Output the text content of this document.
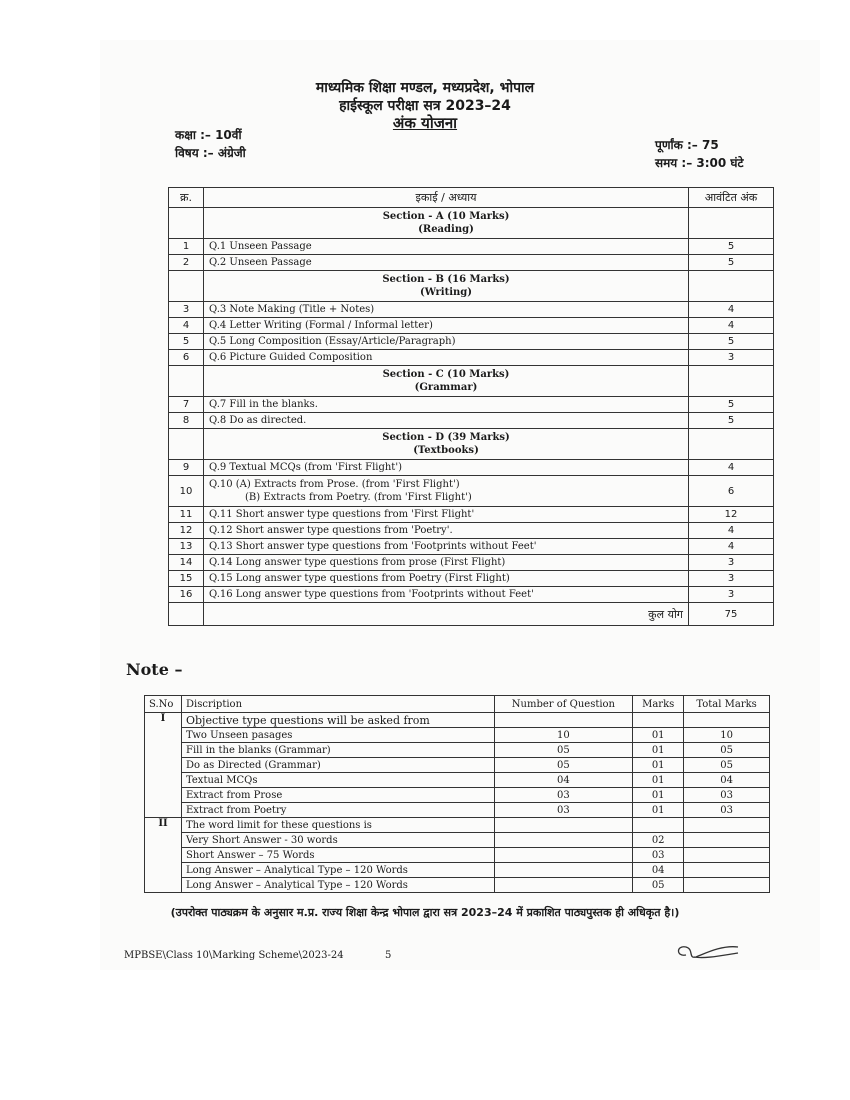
माध्यमिक शिक्षा मण्डल, मध्यप्रदेश, भोपाल
हाईस्कूल परीक्षा सत्र 2023–24
अंक योजना
कक्षा :– 10वीं
विषय :– अंग्रेजी
पूर्णांक :– 75
समय :– 3:00 घंटे
क्र.	इकाई / अध्याय	आवंटित अंक
	Section - A (10 Marks)
(Reading)	
1	Q.1 Unseen Passage	5
2	Q.2 Unseen Passage	5
	Section - B (16 Marks)
(Writing)	
3	Q.3 Note Making (Title + Notes)	4
4	Q.4 Letter Writing (Formal / Informal letter)	4
5	Q.5 Long Composition (Essay/Article/Paragraph)	5
6	Q.6 Picture Guided Composition	3
	Section - C (10 Marks)
(Grammar)	
7	Q.7 Fill in the blanks.	5
8	Q.8 Do as directed.	5
	Section - D (39 Marks)
(Textbooks)	
9	Q.9 Textual MCQs (from 'First Flight')	4
10	Q.10 (A) Extracts from Prose. (from 'First Flight')
(B) Extracts from Poetry. (from 'First Flight')	6
11	Q.11 Short answer type questions from 'First Flight'	12
12	Q.12 Short answer type questions from 'Poetry'.	4
13	Q.13 Short answer type questions from 'Footprints without Feet'	4
14	Q.14 Long answer type questions from prose (First Flight)	3
15	Q.15 Long answer type questions from Poetry (First Flight)	3
16	Q.16 Long answer type questions from 'Footprints without Feet'	3
	कुल योग	75
Note –
S.No	Discription	Number of Question	Marks	Total Marks
I	Objective type questions will be asked from			
	Two Unseen pasages	10	01	10
	Fill in the blanks (Grammar)	05	01	05
	Do as Directed (Grammar)	05	01	05
	Textual MCQs	04	01	04
	Extract from Prose	03	01	03
	Extract from Poetry	03	01	03
II	The word limit for these questions is			
	Very Short Answer - 30 words		02	
	Short Answer – 75 Words		03	
	Long Answer – Analytical Type – 120 Words		04	
	Long Answer – Analytical Type – 120 Words		05	
(उपरोक्त पाठ्यक्रम के अनुसार म.प्र. राज्य शिक्षा केन्द्र भोपाल द्वारा सत्र 2023–24 में प्रकाशित पाठ्यपुस्तक ही अधिकृत है।)
MPBSE\Class 10\Marking Scheme\2023-24	5
